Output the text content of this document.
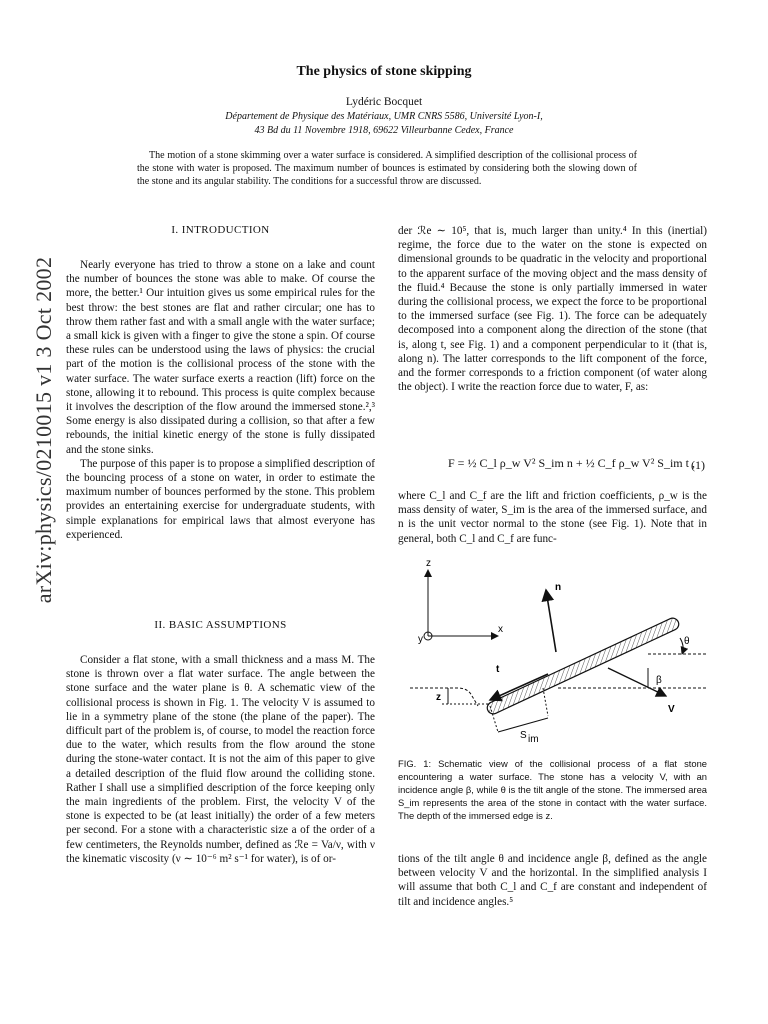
The physics of stone skipping
Lydéric Bocquet
Département de Physique des Matériaux, UMR CNRS 5586, Université Lyon-I,
43 Bd du 11 Novembre 1918, 69622 Villeurbanne Cedex, France
The motion of a stone skimming over a water surface is considered. A simplified description of the collisional process of the stone with water is proposed. The maximum number of bounces is estimated by considering both the slowing down of the stone and its angular stability. The conditions for a successful throw are discussed.
arXiv:physics/0210015 v1 3 Oct 2002
I. INTRODUCTION

Nearly everyone has tried to throw a stone on a lake and count the number of bounces the stone was able to make. Of course the more, the better.¹ Our intuition gives us some empirical rules for the best throw: the best stones are flat and rather circular; one has to throw them rather fast and with a small angle with the water surface; a small kick is given with a finger to give the stone a spin. Of course these rules can be understood using the laws of physics: the crucial part of the motion is the collisional process of the stone with the water surface. The water surface exerts a reaction (lift) force on the stone, allowing it to rebound. This process is quite complex because it involves the description of the flow around the immersed stone.²,³ Some energy is also dissipated during a collision, so that after a few rebounds, the initial kinetic energy of the stone is fully dissipated and the stone sinks.

The purpose of this paper is to propose a simplified description of the bouncing process of a stone on water, in order to estimate the maximum number of bounces performed by the stone. This problem provides an entertaining exercise for undergraduate students, with simple explanations for empirical laws that almost everyone has experienced.

II. BASIC ASSUMPTIONS

Consider a flat stone, with a small thickness and a mass M. The stone is thrown over a flat water surface. The angle between the stone surface and the water plane is θ. A schematic view of the collisional process is shown in Fig. 1. The velocity V is assumed to lie in a symmetry plane of the stone (the plane of the paper). The difficult part of the problem is, of course, to model the reaction force due to the water, which results from the flow around the stone during the stone-water contact. It is not the aim of this paper to give a detailed description of the fluid flow around the colliding stone. Rather I shall use a simplified description of the force keeping only the main ingredients of the problem. First, the velocity V of the stone is expected to be (at least initially) the order of a few meters per second. For a stone with a characteristic size a of the order of a few centimeters, the Reynolds number, defined as ℛe = Va/ν, with ν the kinematic viscosity (ν ∼ 10⁻⁶ m² s⁻¹ for water), is of or-

der ℛe ∼ 10⁵, that is, much larger than unity.⁴ In this (inertial) regime, the force due to the water on the stone is expected on dimensional grounds to be quadratic in the velocity and proportional to the apparent surface of the moving object and the mass density of the fluid.⁴ Because the stone is only partially immersed in water during the collisional process, we expect the force to be proportional to the immersed surface (see Fig. 1). The force can be adequately decomposed into a component along the direction of the stone (that is, along t, see Fig. 1) and a component perpendicular to it (that is, along n). The latter corresponds to the lift component of the force, and the former corresponds to a friction component (of water along the object). I write the reaction force due to water, F, as:

F = ½ C_l ρ_w V² S_im n + ½ C_f ρ_w V² S_im t ,
(1)

where C_l and C_f are the lift and friction coefficients, ρ_w is the mass density of water, S_im is the area of the immersed surface, and n is the unit vector normal to the stone (see Fig. 1). Note that in general, both C_l and C_f are func-

z
x
y
n
t
V
θ
β
z
S im
FIG. 1: Schematic view of the collisional process of a flat stone encountering a water surface. The stone has a velocity V, with an incidence angle β, while θ is the tilt angle of the stone. The immersed area S_im represents the area of the stone in contact with the water surface. The depth of the immersed edge is z.

tions of the tilt angle θ and incidence angle β, defined as the angle between velocity V and the horizontal. In the simplified analysis I will assume that both C_l and C_f are constant and independent of tilt and incidence angles.⁵
